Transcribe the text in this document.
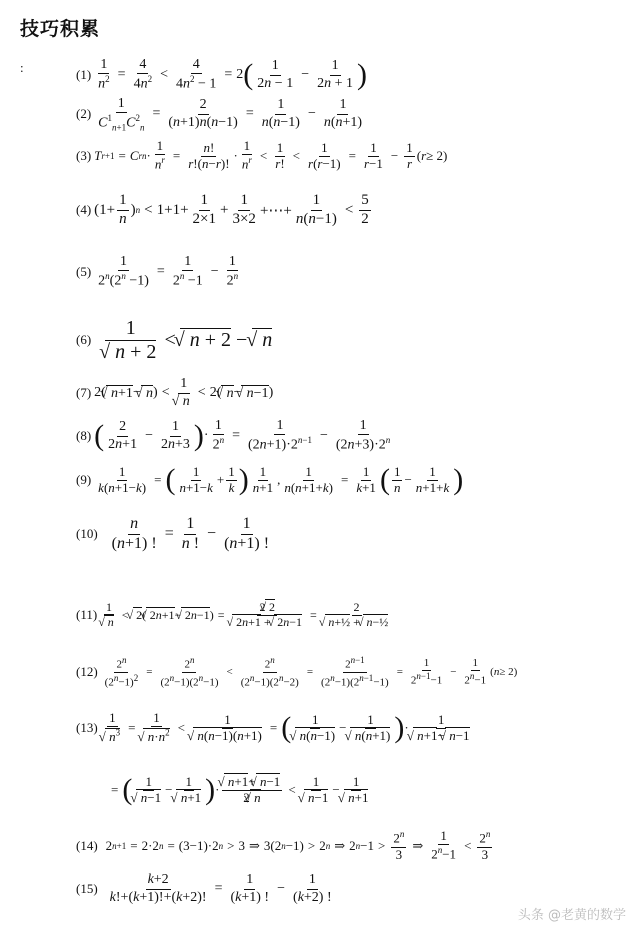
技巧积累
:	$(1) \frac{1}{n^2} = \frac{4}{4n^2} < \frac{4}{4n^2 - 1} = 2$ ( $\frac{1}{2n - 1} - \frac{1}{2n + 1}$ )
$(2) \frac{1}{C^1_{n+1}C^2_n} = \frac{2}{(n+1)n(n-1)} = \frac{1}{n(n-1)} - \frac{1}{n(n+1)}$
(3) T r+1 = C r $n \cdot \frac{1}{n^r} = \frac{n!}{r!(n-r)!} \cdot \frac{1}{n^r} < \frac{1}{r!} < \frac{1}{r(r-1)} = \frac{1}{r-1} - \frac{1}{r}$ ( r ≥ 2)
(4) ($1+ \frac{1}{n}$ ) $n < 1+1+ \frac{1}{2\times 1} + \frac{1}{3\times 2}$ +⋯+ $\frac{1}{n(n-1)} < \frac{5}{2}$
$(5) \frac{1}{2^n(2^n -1)} = \frac{1}{2^n -1} - \frac{1}{2^n}$
(6) 1
√ n + 2 < √ n + 2 −  √ n
(7) 2( √ n+1 − √ n ) < 1
√ n < 2( √ n − √ n−1 )
(8) ( $\frac{2}{2n+1} - \frac{1}{2n+3}$ ) · $\frac{1}{2^n} = \frac{1}{(2n+1)\cdot 2^{n-1}} - \frac{1}{(2n+3)\cdot 2^n}$
$(9) \frac{1}{k(n+1-k)}$ = ( $\frac{1}{n+1-k} + \frac{1}{k}$ ) $\frac{1}{n+1}$ , $\frac{1}{n(n+1+k)} = \frac{1}{k+1}$ ( $\frac{1}{n} - \frac{1}{n+1+k}$ )
$(10) \frac{n}{(n+1) !} = \frac{1}{n !} - \frac{1}{(n+1) !}$
(11) 1
√ n < √  2 ( √  2n+1 − √  2n−1 ) = 2√  2
√  2n+1 + √  2n−1 = 2
√ n+½ +  √ n−½
$(12) \frac{2^n}{(2^n-1)^2} = \frac{2^n}{(2^n-1)(2^n-1)} < \frac{2^n}{(2^n-1)(2^n-2)} = \frac{2^{n-1}}{(2^n-1)(2^{n-1}-1)} = \frac{1}{2^{n-1}-1} - \frac{1}{2^n-1}$ ( n ≥ 2)
(13) 1
√ $n^3 = 1$
√ $n\cdot n^2 < 1$
√ n(n−1)(n+1) = ( 1
√ n(n−1) − 1
√ n(n+1) ) · 1
√ n+1− √ n−1
= ( 1
√ n−1 − 1
√ n+1 ) · √ $\frac{n+1+ √ n-1}{2 √ n} < 1$
√ n−1 − 1
√ n+1
(14) 2 n+1 = 2·2 n = (3−1)·2 n > 3 ⇒ 3(2 n −1) > 2 n ⇒ 2 $n -1 > \frac{2^n}{3}$ ⇒ $\frac{1}{2^n-1} < \frac{2^n}{3}$
$(15) \frac{k+2}{k!+(k+1)!+(k+2)!} = \frac{1}{(k+1) !} - \frac{1}{(k+2) !}$
头条 @老黄的数学
